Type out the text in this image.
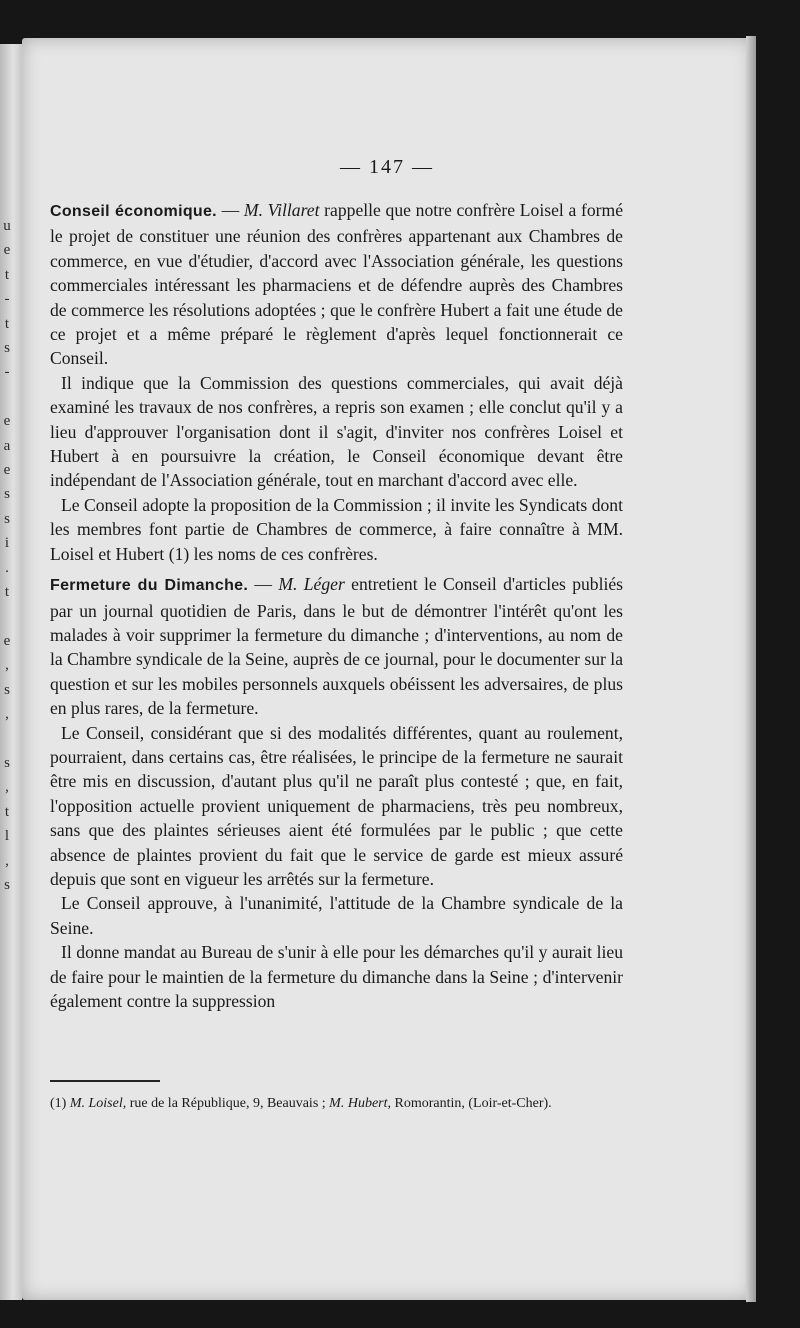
u
e
t
-
t
s
-

e
a
e
s
s
i
.
t

e
,
s
,

s
,
t
l
,
s
— 147 —

Conseil économique. — M. Villaret rappelle que notre confrère Loisel a formé le projet de constituer une réunion des confrères appartenant aux Chambres de commerce, en vue d'étudier, d'accord avec l'Association générale, les questions commerciales intéressant les pharmaciens et de défendre auprès des Chambres de commerce les résolutions adoptées ; que le confrère Hubert a fait une étude de ce projet et a même préparé le règlement d'après lequel fonctionnerait ce Conseil.

Il indique que la Commission des questions commerciales, qui avait déjà examiné les travaux de nos confrères, a repris son examen ; elle conclut qu'il y a lieu d'approuver l'organisation dont il s'agit, d'inviter nos confrères Loisel et Hubert à en poursuivre la création, le Conseil économique devant être indépendant de l'Association générale, tout en marchant d'accord avec elle.

Le Conseil adopte la proposition de la Commission ; il invite les Syndicats dont les membres font partie de Chambres de commerce, à faire connaître à MM. Loisel et Hubert (1) les noms de ces confrères.

Fermeture du Dimanche. — M. Léger entretient le Conseil d'articles publiés par un journal quotidien de Paris, dans le but de démontrer l'intérêt qu'ont les malades à voir supprimer la fermeture du dimanche ; d'interventions, au nom de la Chambre syndicale de la Seine, auprès de ce journal, pour le documenter sur la question et sur les mobiles personnels auxquels obéissent les adversaires, de plus en plus rares, de la fermeture.

Le Conseil, considérant que si des modalités différentes, quant au roulement, pourraient, dans certains cas, être réalisées, le principe de la fermeture ne saurait être mis en discussion, d'autant plus qu'il ne paraît plus contesté ; que, en fait, l'opposition actuelle provient uniquement de pharmaciens, très peu nombreux, sans que des plaintes sérieuses aient été formulées par le public ; que cette absence de plaintes provient du fait que le service de garde est mieux assuré depuis que sont en vigueur les arrêtés sur la fermeture.

Le Conseil approuve, à l'unanimité, l'attitude de la Chambre syndicale de la Seine.

Il donne mandat au Bureau de s'unir à elle pour les démarches qu'il y aurait lieu de faire pour le maintien de la fermeture du dimanche dans la Seine ; d'intervenir également contre la suppression

(1) M. Loisel, rue de la République, 9, Beauvais ; M. Hubert, Romorantin, (Loir-et-Cher).
